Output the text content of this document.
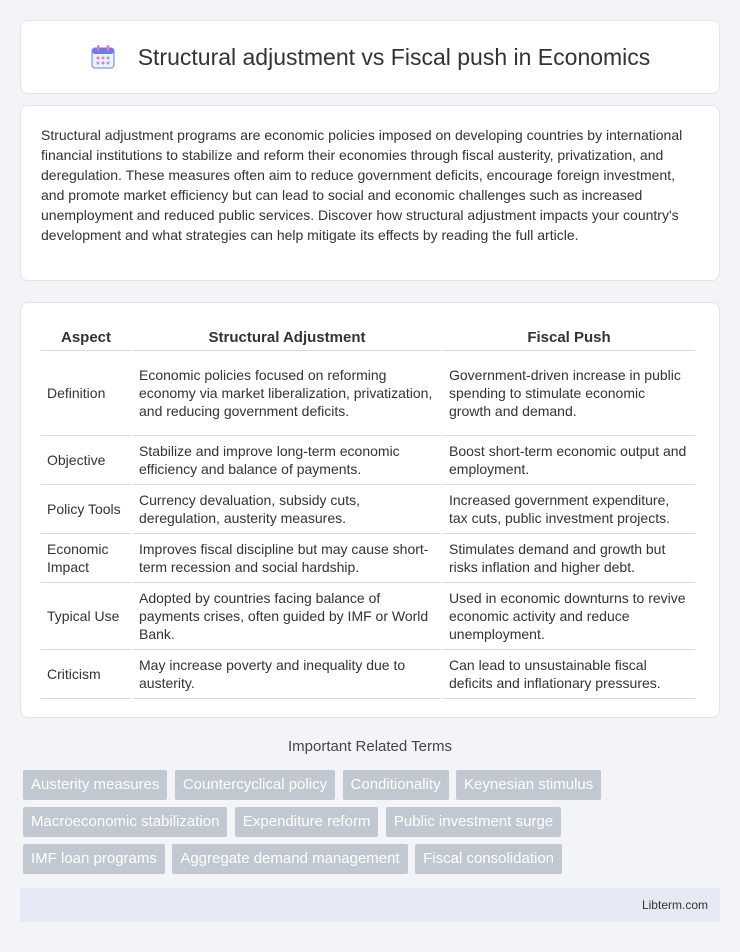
Structural adjustment vs Fiscal push in Economics

Structural adjustment programs are economic policies imposed on developing countries by international financial institutions to stabilize and reform their economies through fiscal austerity, privatization, and deregulation. These measures often aim to reduce government deficits, encourage foreign investment, and promote market efficiency but can lead to social and economic challenges such as increased unemployment and reduced public services. Discover how structural adjustment impacts your country's development and what strategies can help mitigate its effects by reading the full article.

Aspect	Structural Adjustment	Fiscal Push
Definition	Economic policies focused on reforming economy via market liberalization, privatization, and reducing government deficits.	Government-driven increase in public spending to stimulate economic growth and demand.
Objective	Stabilize and improve long-term economic efficiency and balance of payments.	Boost short-term economic output and employment.
Policy Tools	Currency devaluation, subsidy cuts, deregulation, austerity measures.	Increased government expenditure, tax cuts, public investment projects.
Economic Impact	Improves fiscal discipline but may cause short-term recession and social hardship.	Stimulates demand and growth but risks inflation and higher debt.
Typical Use	Adopted by countries facing balance of payments crises, often guided by IMF or World Bank.	Used in economic downturns to revive economic activity and reduce unemployment.
Criticism	May increase poverty and inequality due to austerity.	Can lead to unsustainable fiscal deficits and inflationary pressures.
Important Related Terms
Austerity measures Countercyclical policy Conditionality Keynesian stimulus
Macroeconomic stabilization Expenditure reform Public investment surge
IMF loan programs Aggregate demand management Fiscal consolidation
Libterm.com
